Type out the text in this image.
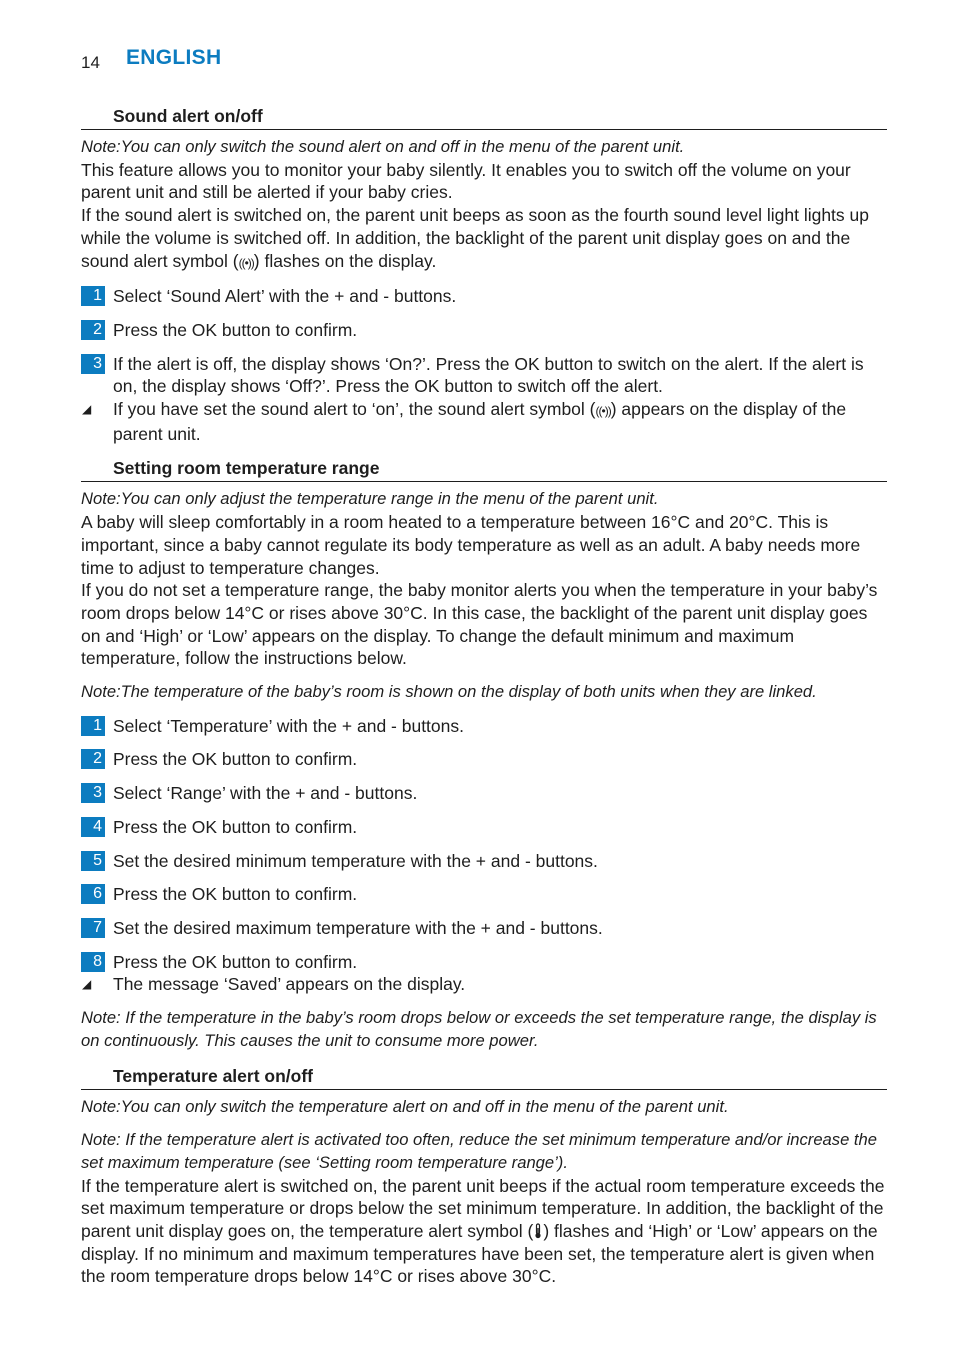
14 ENGLISH
Sound alert on/off

Note:You can only switch the sound alert on and off in the menu of the parent unit.

This feature allows you to monitor your baby silently. It enables you to switch off the volume on your parent unit and still be alerted if your baby cries.

If the sound alert is switched on, the parent unit beeps as soon as the fourth sound level light lights up while the volume is switched off. In addition, the backlight of the parent unit display goes on and the sound alert symbol (((•))) flashes on the display.

1 Select ‘Sound Alert’ with the + and - buttons.
2 Press the OK button to confirm.
3 If the alert is off, the display shows ‘On?’. Press the OK button to switch on the alert. If the alert is on, the display shows ‘Off?’. Press the OK button to switch off the alert.
◢ If you have set the sound alert to ‘on’, the sound alert symbol (((•))) appears on the display of the parent unit.
Setting room temperature range

Note:You can only adjust the temperature range in the menu of the parent unit.

A baby will sleep comfortably in a room heated to a temperature between 16°C and 20°C. This is important, since a baby cannot regulate its body temperature as well as an adult. A baby needs more time to adjust to temperature changes.

If you do not set a temperature range, the baby monitor alerts you when the temperature in your baby’s room drops below 14°C or rises above 30°C. In this case, the backlight of the parent unit display goes on and ‘High’ or ‘Low’ appears on the display. To change the default minimum and maximum temperature, follow the instructions below.

Note:The temperature of the baby’s room is shown on the display of both units when they are linked.

1 Select ‘Temperature’ with the + and - buttons.
2 Press the OK button to confirm.
3 Select ‘Range’ with the + and - buttons.
4 Press the OK button to confirm.
5 Set the desired minimum temperature with the + and - buttons.
6 Press the OK button to confirm.
7 Set the desired maximum temperature with the + and - buttons.
8 Press the OK button to confirm.
◢ The message ‘Saved’ appears on the display.

Note: If the temperature in the baby’s room drops below or exceeds the set temperature range, the display is on continuously. This causes the unit to consume more power.

Temperature alert on/off

Note:You can only switch the temperature alert on and off in the menu of the parent unit.

Note: If the temperature alert is activated too often, reduce the set minimum temperature and/or increase the set maximum temperature (see ‘Setting room temperature range’).

If the temperature alert is switched on, the parent unit beeps if the actual room temperature exceeds the set maximum temperature or drops below the set minimum temperature. In addition, the backlight of the parent unit display goes on, the temperature alert symbol ( ) flashes and ‘High’ or ‘Low’ appears on the display. If no minimum and maximum temperatures have been set, the temperature alert is given when the room temperature drops below 14°C or rises above 30°C.
